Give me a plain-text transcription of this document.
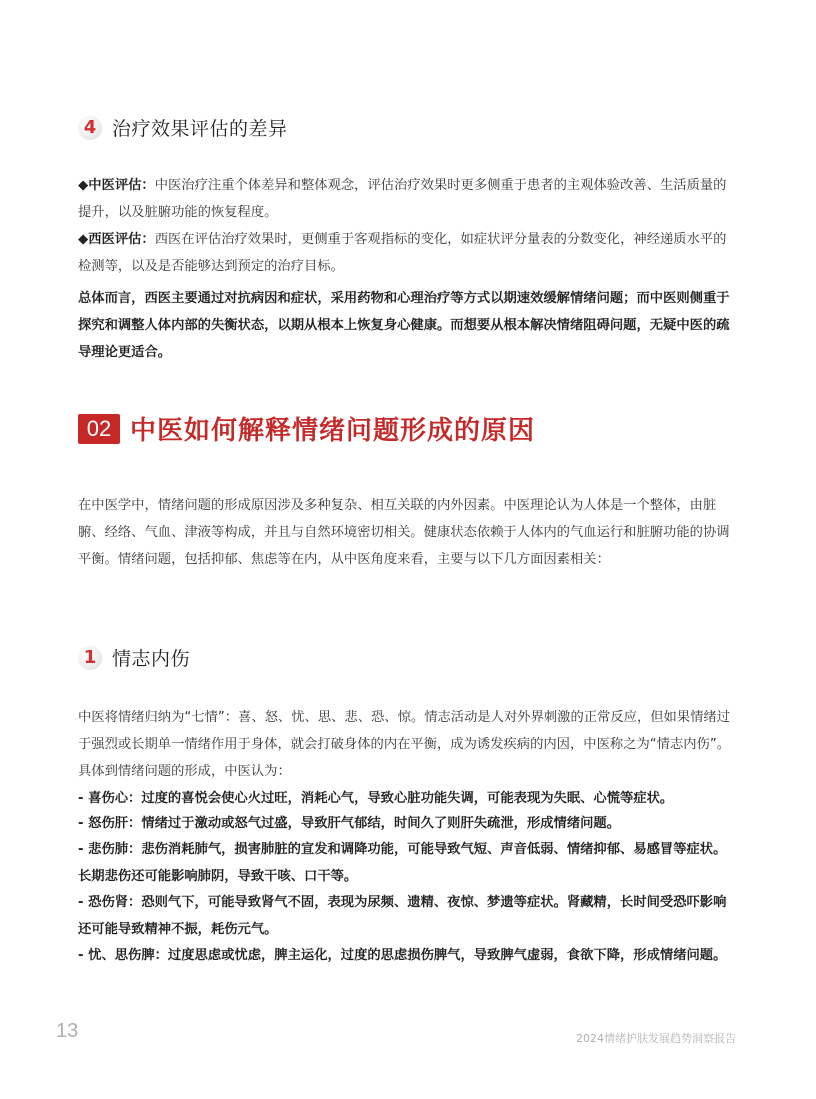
4 治疗效果评估的差异

◆中医评估：中医治疗注重个体差异和整体观念，评估治疗效果时更多侧重于患者的主观体验改善、生活质量的提升，以及脏腑功能的恢复程度。

◆西医评估：西医在评估治疗效果时，更侧重于客观指标的变化，如症状评分量表的分数变化，神经递质水平的检测等，以及是否能够达到预定的治疗目标。

总体而言，西医主要通过对抗病因和症状，采用药物和心理治疗等方式以期速效缓解情绪问题；而中医则侧重于探究和调整人体内部的失衡状态，以期从根本上恢复身心健康。而想要从根本解决情绪阻碍问题，无疑中医的疏导理论更适合。

02 中医如何解释情绪问题形成的原因

在中医学中，情绪问题的形成原因涉及多种复杂、相互关联的内外因素。中医理论认为人体是一个整体，由脏腑、经络、气血、津液等构成，并且与自然环境密切相关。健康状态依赖于人体内的气血运行和脏腑功能的协调平衡。情绪问题，包括抑郁、焦虑等在内，从中医角度来看，主要与以下几方面因素相关：

1 情志内伤

中医将情绪归纳为“七情”：喜、怒、忧、思、悲、恐、惊。情志活动是人对外界刺激的正常反应，但如果情绪过于强烈或长期单一情绪作用于身体，就会打破身体的内在平衡，成为诱发疾病的内因，中医称之为“情志内伤”。具体到情绪问题的形成，中医认为：

- 喜伤心：过度的喜悦会使心火过旺，消耗心气，导致心脏功能失调，可能表现为失眠、心慌等症状。

- 怒伤肝：情绪过于激动或怒气过盛，导致肝气郁结，时间久了则肝失疏泄，形成情绪问题。

- 悲伤肺：悲伤消耗肺气，损害肺脏的宣发和调降功能，可能导致气短、声音低弱、情绪抑郁、易感冒等症状。长期悲伤还可能影响肺阴，导致干咳、口干等。

- 恐伤肾：恐则气下，可能导致肾气不固，表现为尿频、遗精、夜惊、梦遗等症状。肾藏精，长时间受恐吓影响还可能导致精神不振，耗伤元气。

- 忧、思伤脾：过度思虑或忧虑，脾主运化，过度的思虑损伤脾气，导致脾气虚弱，食欲下降，形成情绪问题。

13	2024情绪护肤发展趋势洞察报告
